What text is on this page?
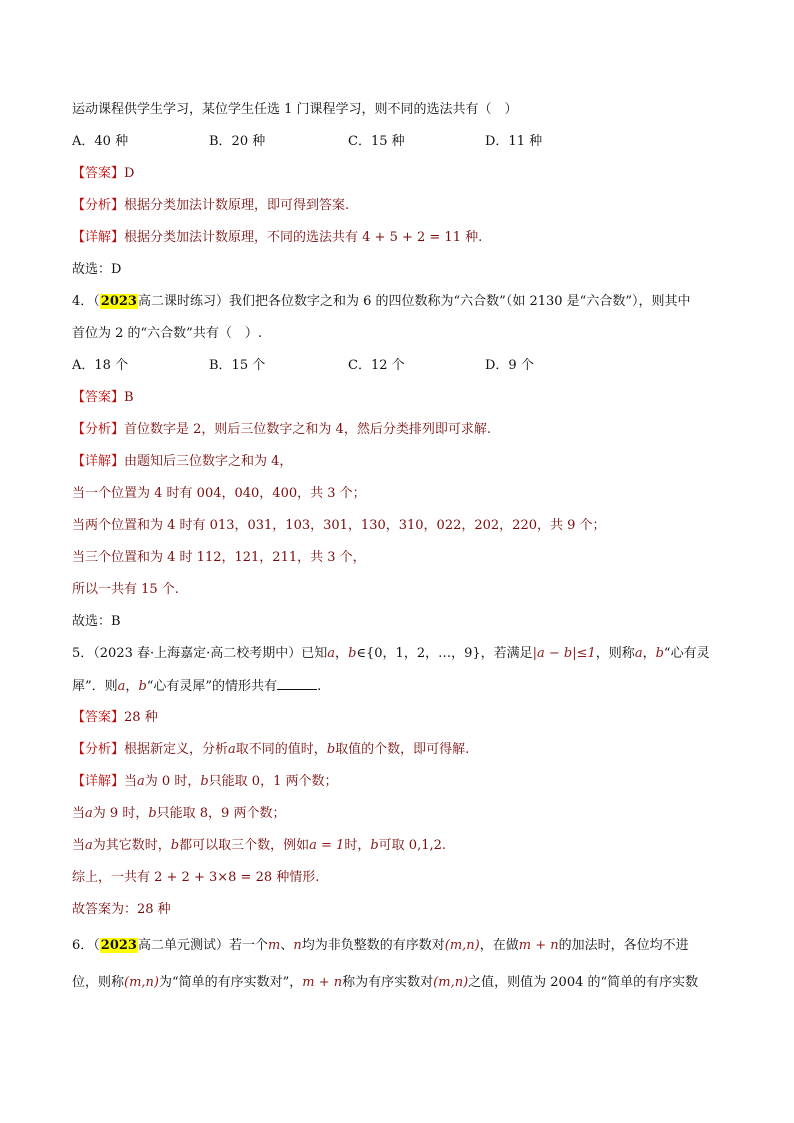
运动课程供学生学习，某位学生任选 1 门课程学习，则不同的选法共有（　）
A．40 种	B．20 种	C．15 种	D．11 种
【答案】D
【分析】根据分类加法计数原理，即可得到答案.
【详解】根据分类加法计数原理，不同的选法共有 4 + 5 + 2 = 11 种.
故选：D
4．（2023高二课时练习）我们把各位数字之和为 6 的四位数称为“六合数”（如 2130 是“六合数”），则其中
首位为 2 的“六合数”共有（　）.
A．18 个	B．15 个	C．12 个	D．9 个
【答案】B
【分析】首位数字是 2，则后三位数字之和为 4，然后分类排列即可求解.
【详解】由题知后三位数字之和为 4，
当一个位置为 4 时有 004，040，400，共 3 个；
当两个位置和为 4 时有 013，031，103，301，130，310，022，202，220，共 9 个；
当三个位置和为 4 时 112，121，211，共 3 个，
所以一共有 15 个.
故选：B
5．（2023 春·上海嘉定·高二校考期中）已知a，b∈{0，1，2，…，9}，若满足|a − b|≤1，则称a，b“心有灵
犀”．则a，b“心有灵犀”的情形共有	.
【答案】28 种
【分析】根据新定义，分析a取不同的值时，b取值的个数，即可得解.
【详解】当a为 0 时，b只能取 0，1 两个数；
当a为 9 时，b只能取 8，9 两个数；
当a为其它数时，b都可以取三个数，例如a = 1时，b可取 0,1,2.
综上，一共有 2 + 2 + 3×8 = 28 种情形.
故答案为：28 种
6．（2023高二单元测试）若一个m、n均为非负整数的有序数对(m,n)，在做m + n的加法时，各位均不进
位，则称(m,n)为“简单的有序实数对”，m + n称为有序实数对(m,n)之值，则值为 2004 的“简单的有序实数
